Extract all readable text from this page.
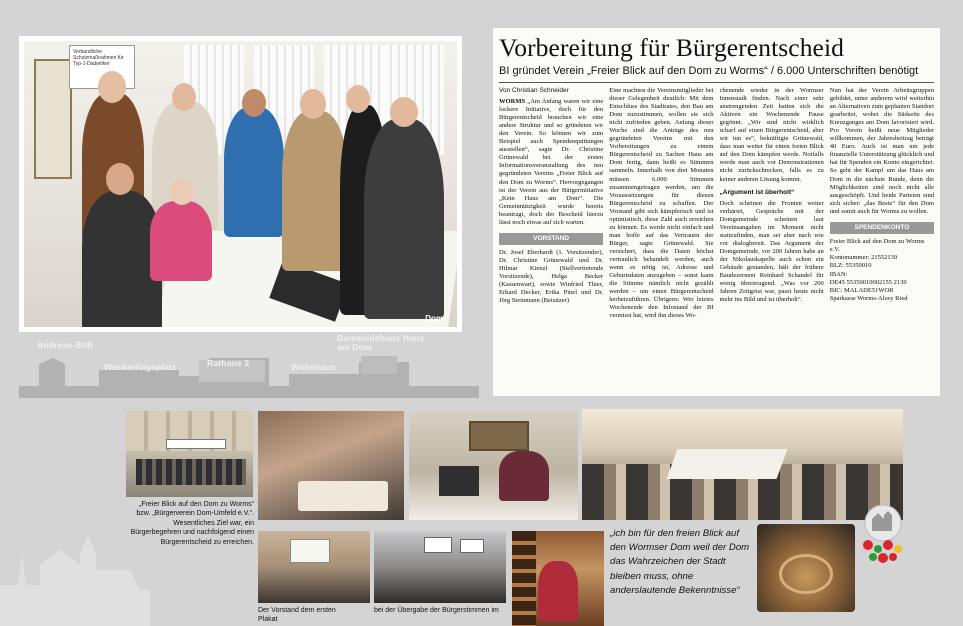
Verbandliche Schutzmaßnahmen für Typ-1-Diabetiker
Dom
Andreas-Stift
Weckerlingsplatz	Rathaus 2	Wohnhaus
Gemeindehaus Haus am Dom
Vorbereitung für Bürgerentscheid
BI gründet Verein „Freier Blick auf den Dom zu Worms“ / 6.000 Unterschriften benötigt
Von Christian Schneider

WORMS „Am Anfang waren wir eine lockere Initiative, doch für den Bürgerentscheid brauchen wir eine andere Struktur und so gründeten wir den Verein. So können wir zum Beispiel auch Spendenquittungen ausstellen“, sagte Dr. Christine Grünewald bei der ersten Informationsveranstaltung des neu gegründeten Vereins „Freier Blick auf den Dom zu Worms“. Hervorgegangen ist der Verein aus der Bürgerinitiative „Kein Haus am Dom“. Die Gemeinnützigkeit wurde bereits beantragt, doch der Bescheid hierzu lässt noch etwas auf sich warten.

VORSTAND

Dr. Josef Eberhardt (1. Vorsitzender), Dr. Christine Grünewald und Dr. Hilmar Kienzl (Stellvertretende Vorsitzende), Helga Becker (Kassenwart), sowie Winfried Thier, Erhard Decker, Erika Pinel und Dr. Jörg Steinmann (Beisitzer)

Eine machten die Vereinsmitglieder bei dieser Gelegenheit deutlich: Mit dem Entschluss des Stadtrates, den Bau am Dom zuzustimmen, wollen sie sich nicht zufrieden geben. Anfang dieser Woche sind die Anträge des neu gegründeten Vereins mit den Vorbereitungen zu einem Bürgerentscheid zu Sachen Haus am Dom fertig, dann heißt es Stimmen sammeln. Innerhalb von drei Monaten müssen 6.000 Stimmen zusammengetragen werden, um die Voraussetzungen für diesen Bürgerentscheid zu schaffen. Der Vorstand gibt sich kämpferisch und ist optimistisch, diese Zahl auch erreichen zu können. Es werde nicht einfach und man hoffe auf das Vertrauen der Bürger, sagte Grünewald. Sie versichert, dass die Daten höchst vertraulich behandelt werden, auch wenn es nötig ist, Adresse und Geburtsdaten anzugeben – sonst kann die Stimme nämlich nicht gezählt werden – um einen Bürgerentscheid herbeizuführen. Übrigens: Wer letztes Wochenende den Infostand der BI vermisst hat, wird ihn dieses Wo-

chenende wieder in der Wormser Innenstadt finden. Nach einer sehr anstrengenden Zeit hatten sich die Aktiven ein Wochenende Pause gegönnt. „Wir sind nicht wirklich scharf auf einen Bürgerentscheid, aber wir tun es“, bekräftigte Grünewald, dass man weiter für einen freien Blick auf den Dom kämpfen werde. Notfalls werde man auch vor Demonstrationen nicht zurückschrecken, falls es zu keiner anderen Lösung kommt.

„Argument ist überholt“

Doch scheinen die Fronten weiter verhärtet, Gespräche mit der Domgemeinde scheinen laut Vereinsangaben im Moment nicht stattzufinden, man sei aber nach wie vor dialogbereit. Das Argument der Domgemeinde, vor 200 Jahren habe an der Nikolauskapelle auch schon ein Gebäude gestanden, hält der frühere Baudezernent Reinhard Schandel für wenig überzeugend. „Was vor 200 Jahren Zeitgeist war, passt heute nicht mehr ins Bild und ist überholt“.

Nun hat der Verein Arbeitsgruppen gebildet, unter anderem wird weiterhin an Alternativen zum geplanten Standort gearbeitet, wobei die Südseite des Kreuzganges am Dom favorisiert wird. Pro Verein heißt neue Mitglieder willkommen, der Jahresbeitrag beträgt 40 Euro. Auch ist man um jede finanzielle Unterstützung glücklich und hat für Spenden ein Konto eingerichtet. So geht der Kampf um das Haus am Dom in die nächste Runde, denn die Möglichkeiten sind noch nicht alle ausgeschöpft. Und beide Parteien sind sich sicher: „das Beste“ für den Dom und somit auch für Worms zu wollen.

SPENDENKONTO

Freier Blick auf den Dom zu Worms e.V.

Kontonummer: 21552139

BLZ: 55350010

IBAN:

DE45 55350010002155 2139

BIC: MALADE51WOR

Sparkasse Worms-Alzey Ried

„Freier Blick auf den Dom zu Worms“ bzw. „Bürgerverein Dom-Umfeld e.V.“. Wesentliches Ziel war, ein Bürgerbegehren und nachfolgend einen Bürgerentscheid zu erreichen.
Der Vorstand dem ersten Plakat
bei der Übergabe der Bürgerstimmen im
„ich bin für den freien Blick auf den Wormser Dom weil der Dom das Wahrzeichen der Stadt bleiben muss, ohne anderslautende Bekenntnisse“
